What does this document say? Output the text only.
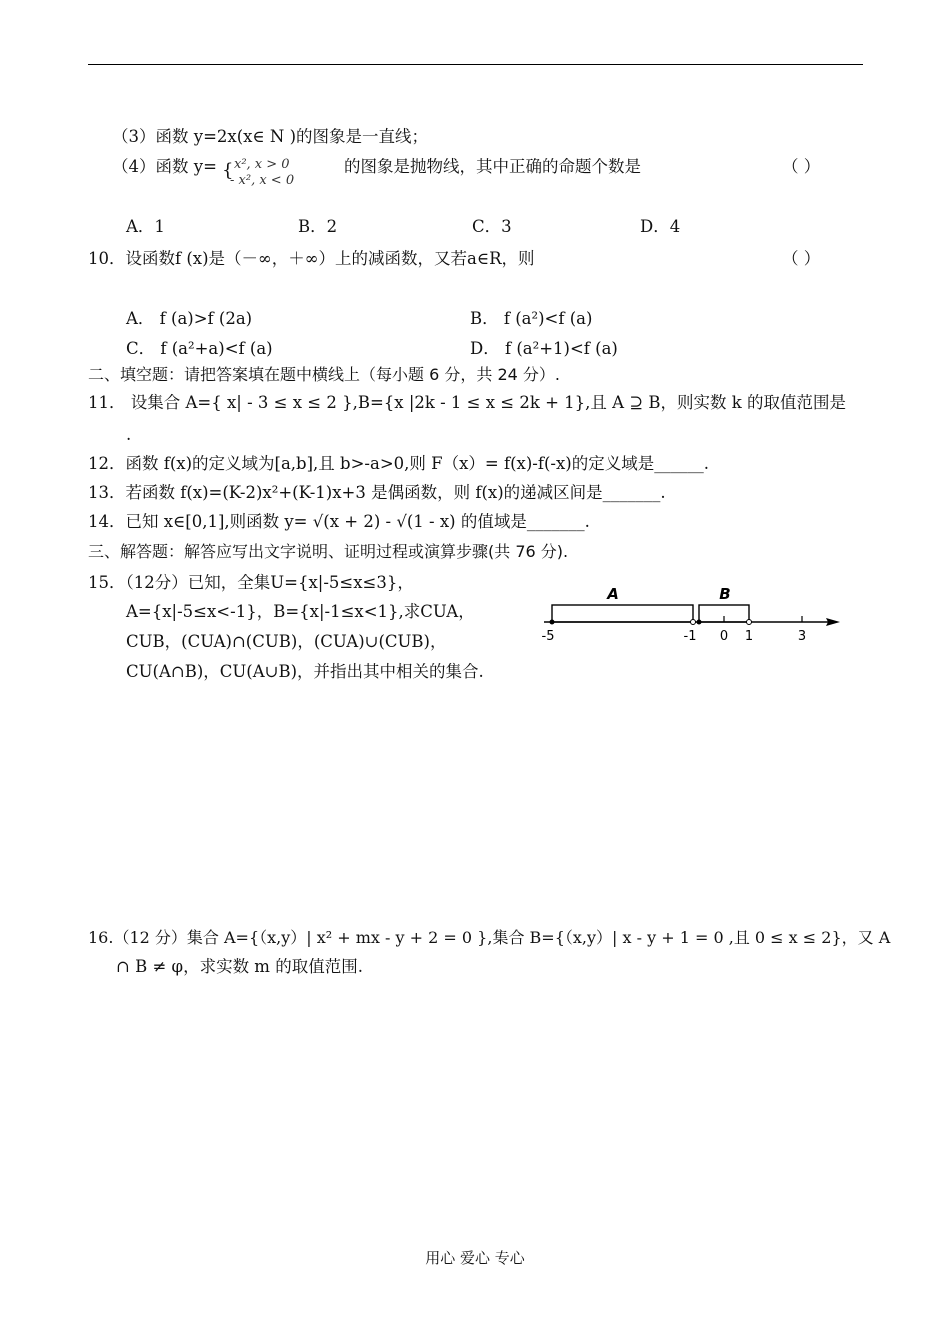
（3）函数 y=2x(x∈ N )的图象是一直线；
（4）函数 y= { x², x > 0
- x², x < 0
的图象是抛物线，其中正确的命题个数是	（ ）
A．1	B．2	C．3	D．4
10．设函数f (x)是（－∞，＋∞）上的减函数，又若a∈R，则	（ ）
A． f (a)>f (2a)	B． f (a²)<f (a)
C． f (a²+a)<f (a)	D． f (a²+1)<f (a)
二、填空题：请把答案填在题中横线上（每小题 6 分，共 24 分）.
11． 设集合 A={ x| - 3 ≤ x ≤ 2 },B={x |2k - 1 ≤ x ≤ 2k + 1},且 A ⊇ B，则实数 k 的取值范围是
.
12．函数 f(x)的定义域为[a,b],且 b>-a>0,则 F（x）= f(x)-f(-x)的定义域是______.
13．若函数 f(x)=(K-2)x²+(K-1)x+3 是偶函数，则 f(x)的递减区间是_______.
14．已知 x∈[0,1],则函数 y= √(x + 2) - √(1 - x) 的值域是_______.
三、解答题：解答应写出文字说明、证明过程或演算步骤(共 76 分).
15．（12分）已知，全集U={x|-5≤x≤3}，
A={x|-5≤x<-1}，B={x|-1≤x<1},求CUA，
CUB，(CUA)∩(CUB)，(CUA)∪(CUB)，
CU(A∩B)，CU(A∪B)，并指出其中相关的集合.
A	B
-5	-1 0 1	3
16.（12 分）集合 A={（x,y）| x² + mx - y + 2 = 0 },集合 B={（x,y）| x - y + 1 = 0 ,且 0 ≤ x ≤ 2}，又 A
∩ B ≠ φ，求实数 m 的取值范围.
用心 爱心 专心
